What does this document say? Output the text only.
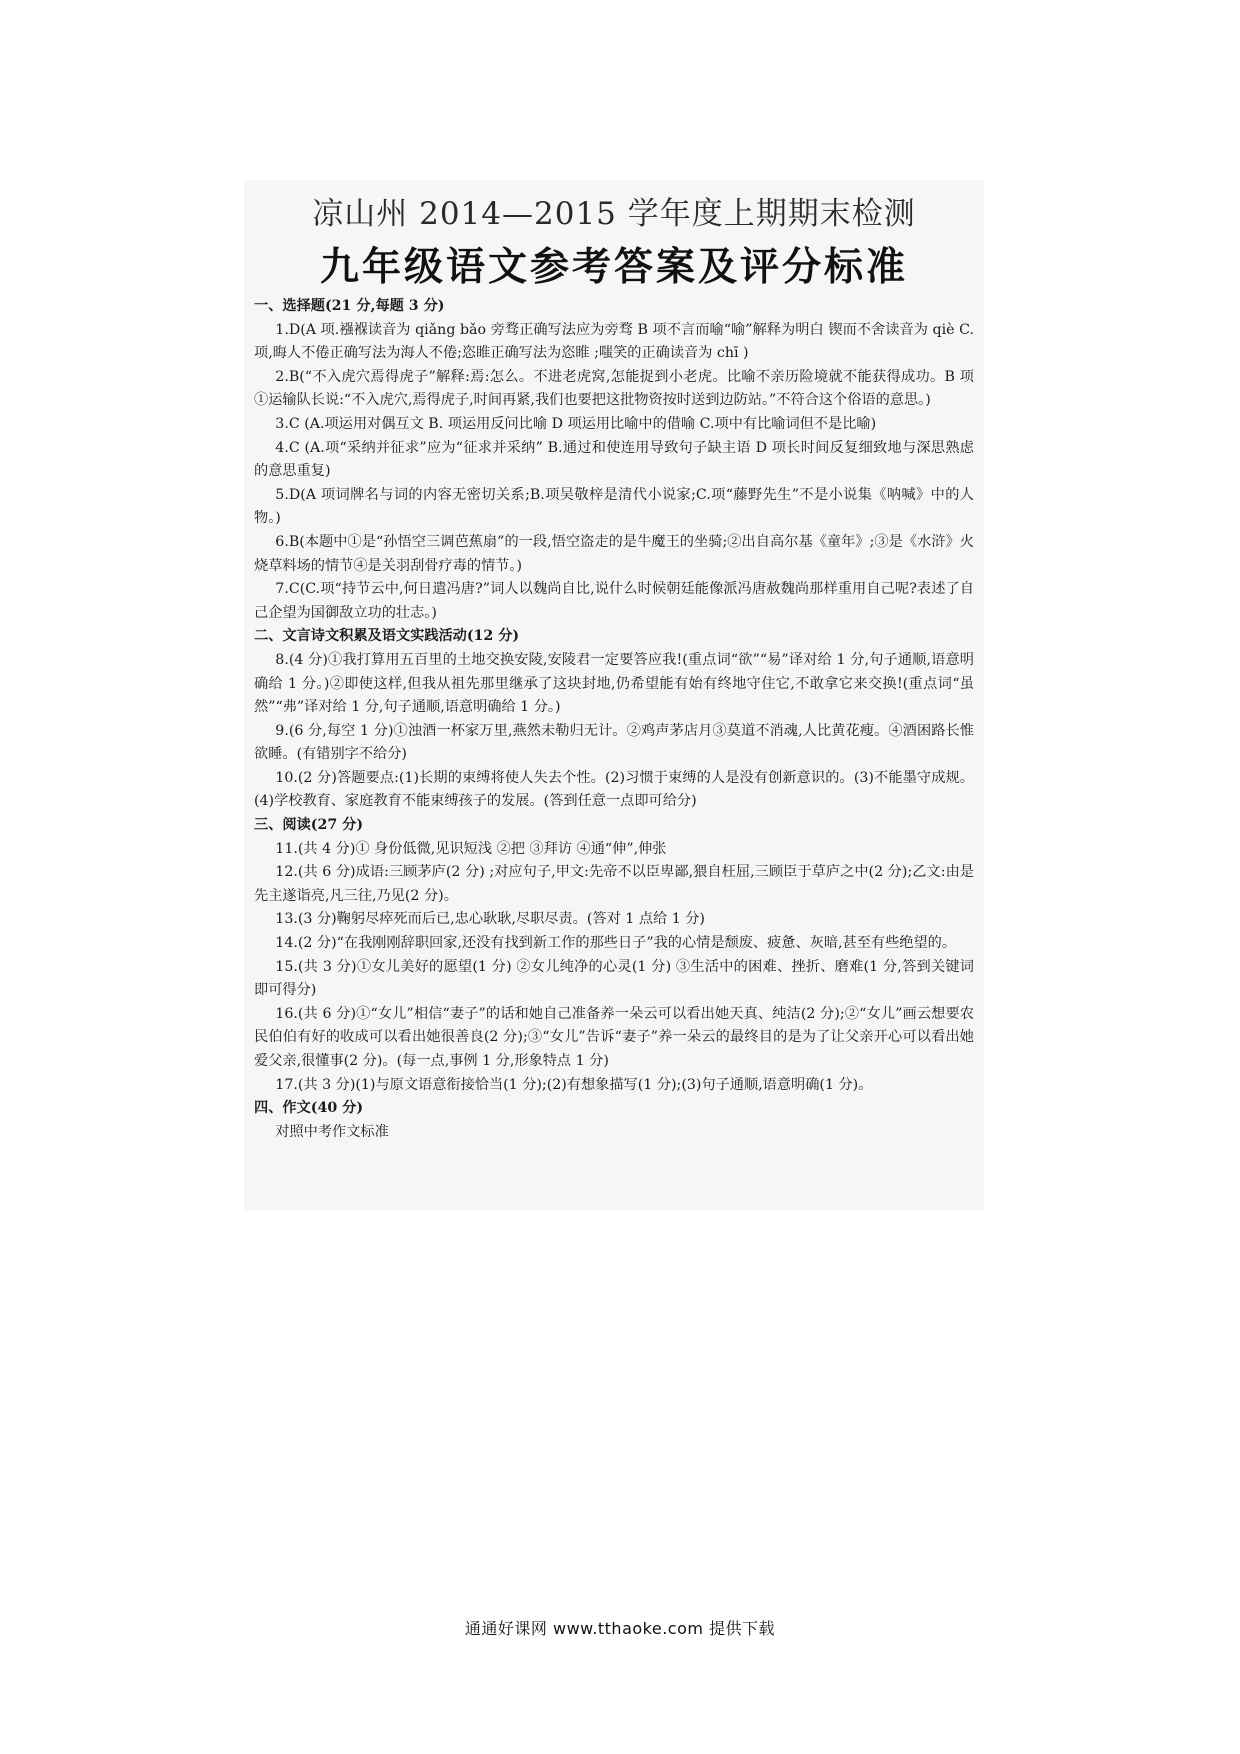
凉山州 2014—2015 学年度上期期末检测
九年级语文参考答案及评分标准

一、选择题(21 分,每题 3 分)

1.D(A 项.襁褓读音为 qiǎng bǎo 旁骛正确写法应为旁骛 B 项不言而喻“喻”解释为明白 锲而不舍读音为 qiè C.项,晦人不倦正确写法为海人不倦;恣睢正确写法为恣睢 ;嗤笑的正确读音为 chī )

2.B(“不入虎穴焉得虎子”解释:焉:怎么。不进老虎窝,怎能捉到小老虎。比喻不亲历险境就不能获得成功。B 项 ①运输队长说:“不入虎穴,焉得虎子,时间再紧,我们也要把这批物资按时送到边防站。”不符合这个俗语的意思。)

3.C (A.项运用对偶互文 B. 项运用反问比喻 D 项运用比喻中的借喻 C.项中有比喻词但不是比喻)

4.C (A.项“采纳并征求”应为“征求并采纳” B.通过和使连用导致句子缺主语 D 项长时间反复细致地与深思熟虑的意思重复)

5.D(A 项词牌名与词的内容无密切关系;B.项吴敬梓是清代小说家;C.项“藤野先生”不是小说集《呐喊》中的人物。)

6.B(本题中①是“孙悟空三调芭蕉扇”的一段,悟空盗走的是牛魔王的坐骑;②出自高尔基《童年》;③是《水浒》火烧草料场的情节④是关羽刮骨疗毒的情节。)

7.C(C.项“持节云中,何日遣冯唐?”词人以魏尚自比,说什么时候朝廷能像派冯唐赦魏尚那样重用自己呢?表述了自己企望为国御敌立功的壮志。)

二、文言诗文积累及语文实践活动(12 分)

8.(4 分)①我打算用五百里的土地交换安陵,安陵君一定要答应我!(重点词“欲”“易”译对给 1 分,句子通顺,语意明确给 1 分。)②即使这样,但我从祖先那里继承了这块封地,仍希望能有始有终地守住它,不敢拿它来交换!(重点词“虽然”“弗”译对给 1 分,句子通顺,语意明确给 1 分。)

9.(6 分,每空 1 分)①浊酒一杯家万里,燕然未勒归无计。②鸡声茅店月③莫道不消魂,人比黄花瘦。④酒困路长惟欲睡。(有错别字不给分)

10.(2 分)答题要点:(1)长期的束缚将使人失去个性。(2)习惯于束缚的人是没有创新意识的。(3)不能墨守成规。(4)学校教育、家庭教育不能束缚孩子的发展。(答到任意一点即可给分)

三、阅读(27 分)

11.(共 4 分)① 身份低微,见识短浅 ②把 ③拜访 ④通“伸”,伸张

12.(共 6 分)成语:三顾茅庐(2 分) ;对应句子,甲文:先帝不以臣卑鄙,猥自枉屈,三顾臣于草庐之中(2 分);乙文:由是先主遂诣亮,凡三往,乃见(2 分)。

13.(3 分)鞠躬尽瘁死而后已,忠心耿耿,尽职尽责。(答对 1 点给 1 分)

14.(2 分)“在我刚刚辞职回家,还没有找到新工作的那些日子”我的心情是颓废、疲惫、灰暗,甚至有些绝望的。

15.(共 3 分)①女儿美好的愿望(1 分) ②女儿纯净的心灵(1 分) ③生活中的困难、挫折、磨难(1 分,答到关键词即可得分)

16.(共 6 分)①“女儿”相信“妻子”的话和她自己准备养一朵云可以看出她天真、纯洁(2 分);②“女儿”画云想要农民伯伯有好的收成可以看出她很善良(2 分);③“女儿”告诉“妻子”养一朵云的最终目的是为了让父亲开心可以看出她爱父亲,很懂事(2 分)。(每一点,事例 1 分,形象特点 1 分)

17.(共 3 分)(1)与原文语意衔接恰当(1 分);(2)有想象描写(1 分);(3)句子通顺,语意明确(1 分)。

四、作文(40 分)

对照中考作文标准

通通好课网 www.tthaoke.com 提供下载
